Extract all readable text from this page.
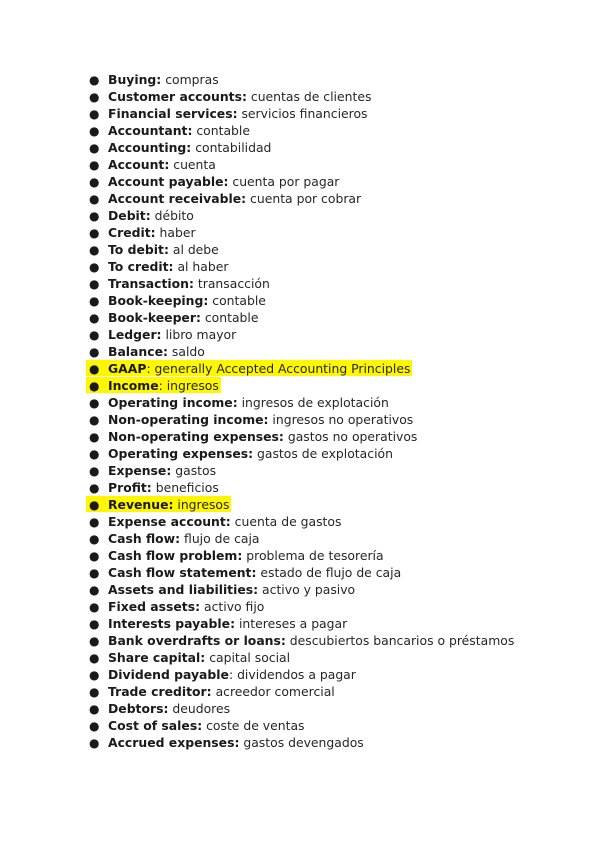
● Buying: compras
● Customer accounts: cuentas de clientes
● Financial services: servicios financieros
● Accountant: contable
● Accounting: contabilidad
● Account: cuenta
● Account payable: cuenta por pagar
● Account receivable: cuenta por cobrar
● Debit: débito
● Credit: haber
● To debit: al debe
● To credit: al haber
● Transaction: transacción
● Book-keeping: contable
● Book-keeper: contable
● Ledger: libro mayor
● Balance: saldo
● GAAP: generally Accepted Accounting Principles
● Income: ingresos
● Operating income: ingresos de explotación
● Non-operating income: ingresos no operativos
● Non-operating expenses: gastos no operativos
● Operating expenses: gastos de explotación
● Expense: gastos
● Profit: beneficios
● Revenue: ingresos
● Expense account: cuenta de gastos
● Cash flow: flujo de caja
● Cash flow problem: problema de tesorería
● Cash flow statement: estado de flujo de caja
● Assets and liabilities: activo y pasivo
● Fixed assets: activo fijo
● Interests payable: intereses a pagar
● Bank overdrafts or loans: descubiertos bancarios o préstamos
● Share capital: capital social
● Dividend payable: dividendos a pagar
● Trade creditor: acreedor comercial
● Debtors: deudores
● Cost of sales: coste de ventas
● Accrued expenses: gastos devengados
